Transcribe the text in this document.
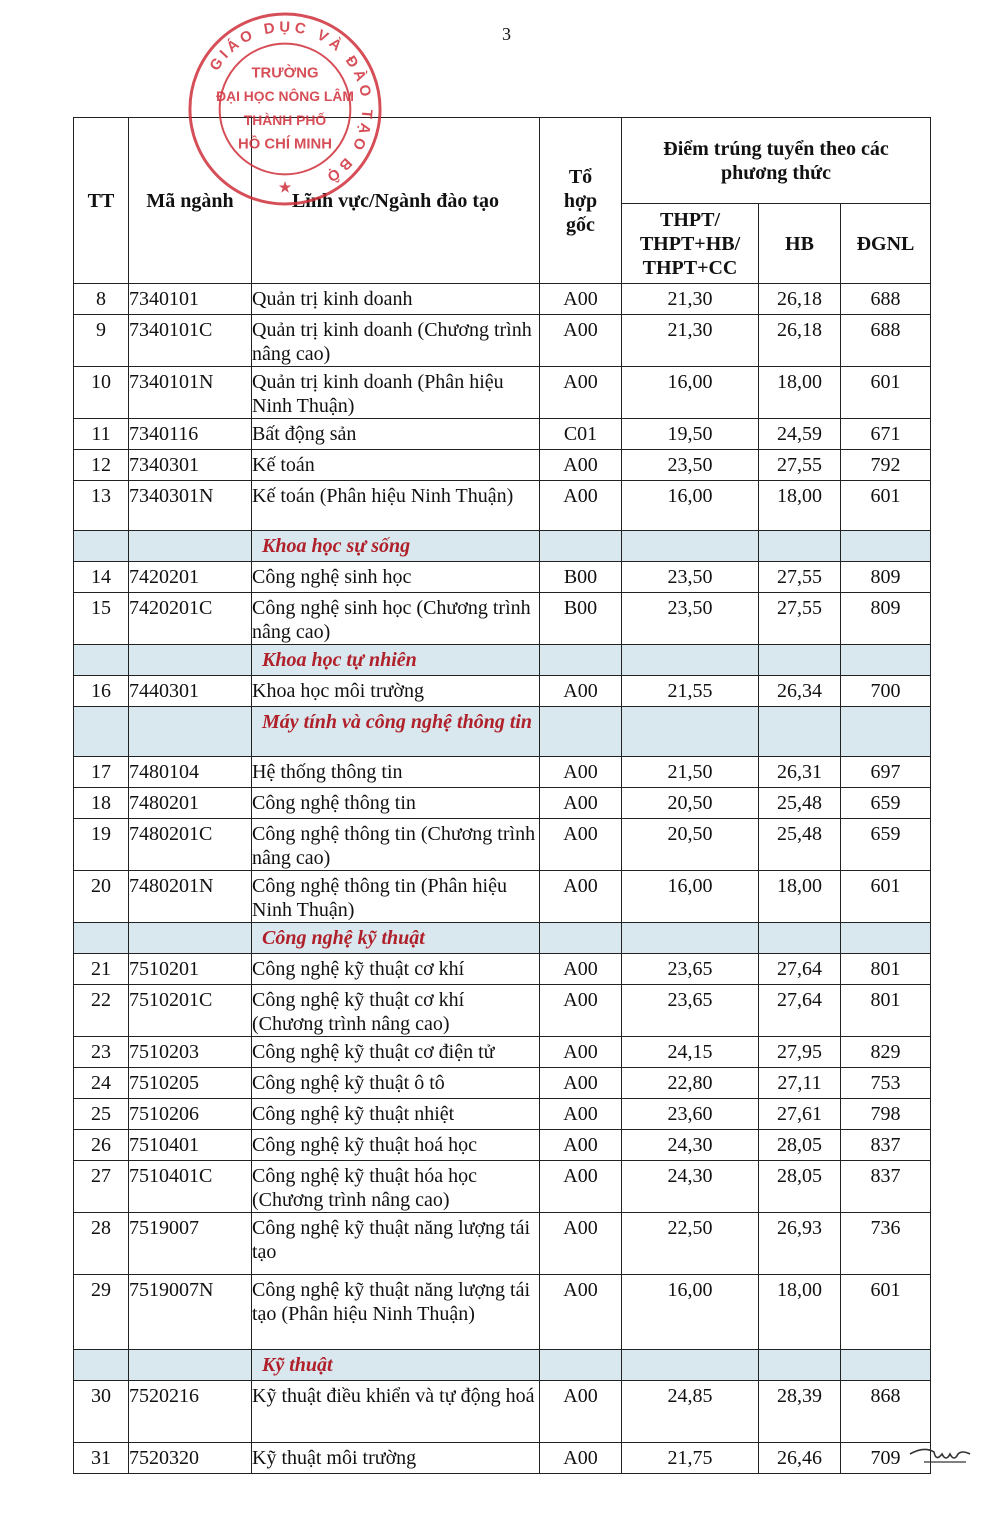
3
GIÁO DỤC VÀ ĐÀO TẠO BỘ
TRƯỜNG
ĐẠI HỌC NÔNG LÂM
THÀNH PHỐ
HỒ CHÍ MINH
★
TT	Mã ngành	Lĩnh vực/Ngành đào tạo	Tổ hợp gốc	Điểm trúng tuyển theo các phương thức		
				THPT/ THPT+HB/ THPT+CC	HB	ĐGNL
8	7340101	Quản trị kinh doanh	A00	21,30	26,18	688
9	7340101C	Quản trị kinh doanh (Chương trình nâng cao)	A00	21,30	26,18	688
10	7340101N	Quản trị kinh doanh (Phân hiệu Ninh Thuận)	A00	16,00	18,00	601
11	7340116	Bất động sản	C01	19,50	24,59	671
12	7340301	Kế toán	A00	23,50	27,55	792
13	7340301N	Kế toán (Phân hiệu Ninh Thuận)	A00	16,00	18,00	601
		Khoa học sự sống				
14	7420201	Công nghệ sinh học	B00	23,50	27,55	809
15	7420201C	Công nghệ sinh học (Chương trình nâng cao)	B00	23,50	27,55	809
		Khoa học tự nhiên				
16	7440301	Khoa học môi trường	A00	21,55	26,34	700
		Máy tính và công nghệ thông tin				
17	7480104	Hệ thống thông tin	A00	21,50	26,31	697
18	7480201	Công nghệ thông tin	A00	20,50	25,48	659
19	7480201C	Công nghệ thông tin (Chương trình nâng cao)	A00	20,50	25,48	659
20	7480201N	Công nghệ thông tin (Phân hiệu Ninh Thuận)	A00	16,00	18,00	601
		Công nghệ kỹ thuật				
21	7510201	Công nghệ kỹ thuật cơ khí	A00	23,65	27,64	801
22	7510201C	Công nghệ kỹ thuật cơ khí (Chương trình nâng cao)	A00	23,65	27,64	801
23	7510203	Công nghệ kỹ thuật cơ điện tử	A00	24,15	27,95	829
24	7510205	Công nghệ kỹ thuật ô tô	A00	22,80	27,11	753
25	7510206	Công nghệ kỹ thuật nhiệt	A00	23,60	27,61	798
26	7510401	Công nghệ kỹ thuật hoá học	A00	24,30	28,05	837
27	7510401C	Công nghệ kỹ thuật hóa học (Chương trình nâng cao)	A00	24,30	28,05	837
28	7519007	Công nghệ kỹ thuật năng lượng tái tạo	A00	22,50	26,93	736
29	7519007N	Công nghệ kỹ thuật năng lượng tái tạo (Phân hiệu Ninh Thuận)	A00	16,00	18,00	601
		Kỹ thuật				
30	7520216	Kỹ thuật điều khiển và tự động hoá	A00	24,85	28,39	868
31	7520320	Kỹ thuật môi trường	A00	21,75	26,46	709
